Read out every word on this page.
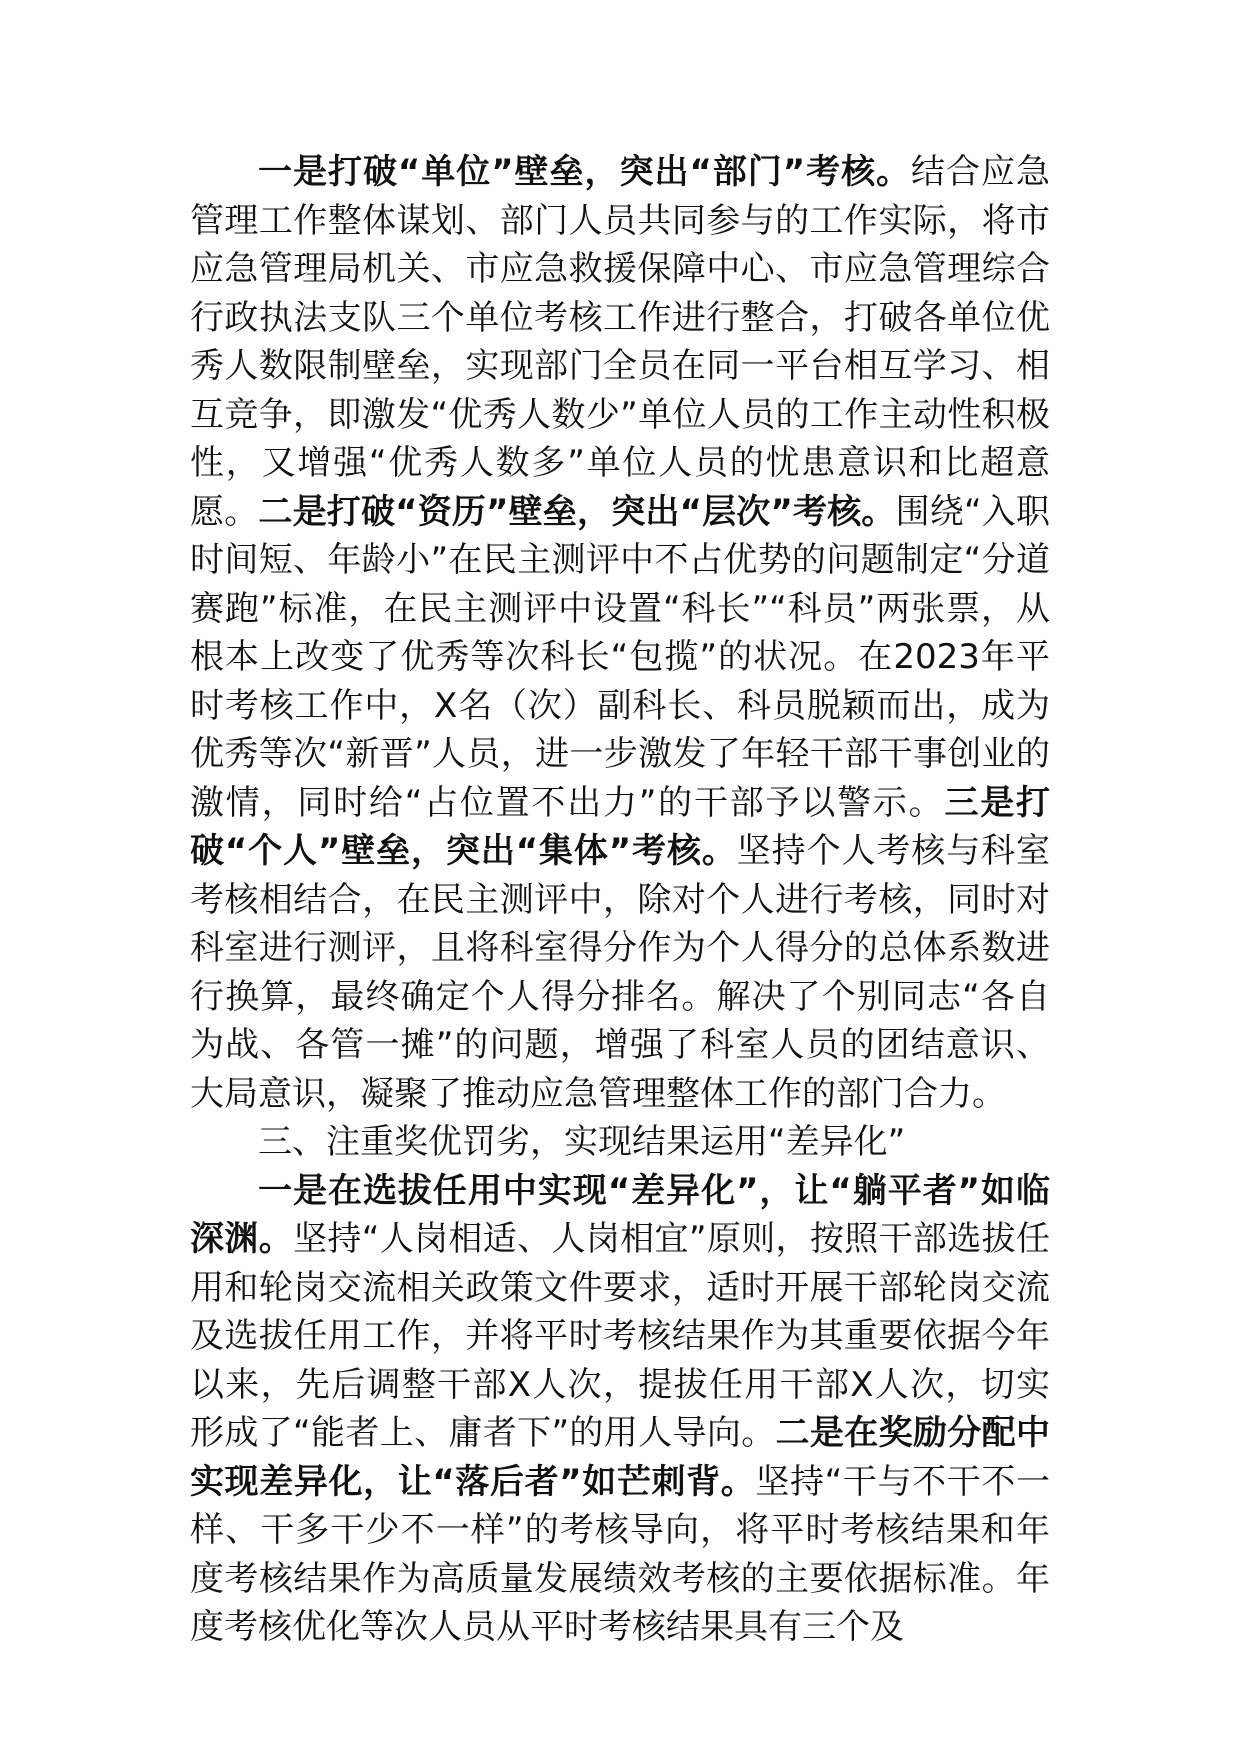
一是打破“单位”壁垒，突出“部门”考核。结合应急管理工作整体谋划、部门人员共同参与的工作实际，将市应急管理局机关、市应急救援保障中心、市应急管理综合行政执法支队三个单位考核工作进行整合，打破各单位优秀人数限制壁垒，实现部门全员在同一平台相互学习、相互竞争，即激发“优秀人数少”单位人员的工作主动性积极性，又增强“优秀人数多”单位人员的忧患意识和比超意愿。二是打破“资历”壁垒，突出“层次”考核。围绕“入职时间短、年龄小”在民主测评中不占优势的问题制定“分道赛跑”标准，在民主测评中设置“科长”“科员”两张票，从根本上改变了优秀等次科长“包揽”的状况。在2023年平时考核工作中，X名（次）副科长、科员脱颖而出，成为优秀等次“新晋”人员，进一步激发了年轻干部干事创业的激情，同时给“占位置不出力”的干部予以警示。三是打破“个人”壁垒，突出“集体”考核。坚持个人考核与科室考核相结合，在民主测评中，除对个人进行考核，同时对科室进行测评，且将科室得分作为个人得分的总体系数进行换算，最终确定个人得分排名。解决了个别同志“各自为战、各管一摊”的问题，增强了科室人员的团结意识、大局意识，凝聚了推动应急管理整体工作的部门合力。

三、注重奖优罚劣，实现结果运用“差异化”

一是在选拔任用中实现“差异化”，让“躺平者”如临深渊。坚持“人岗相适、人岗相宜”原则，按照干部选拔任用和轮岗交流相关政策文件要求，适时开展干部轮岗交流及选拔任用工作，并将平时考核结果作为其重要依据今年以来，先后调整干部X人次，提拔任用干部X人次，切实形成了“能者上、庸者下”的用人导向。二是在奖励分配中实现差异化，让“落后者”如芒刺背。坚持“干与不干不一样、干多干少不一样”的考核导向，将平时考核结果和年度考核结果作为高质量发展绩效考核的主要依据标准。年度考核优化等次人员从平时考核结果具有三个及
